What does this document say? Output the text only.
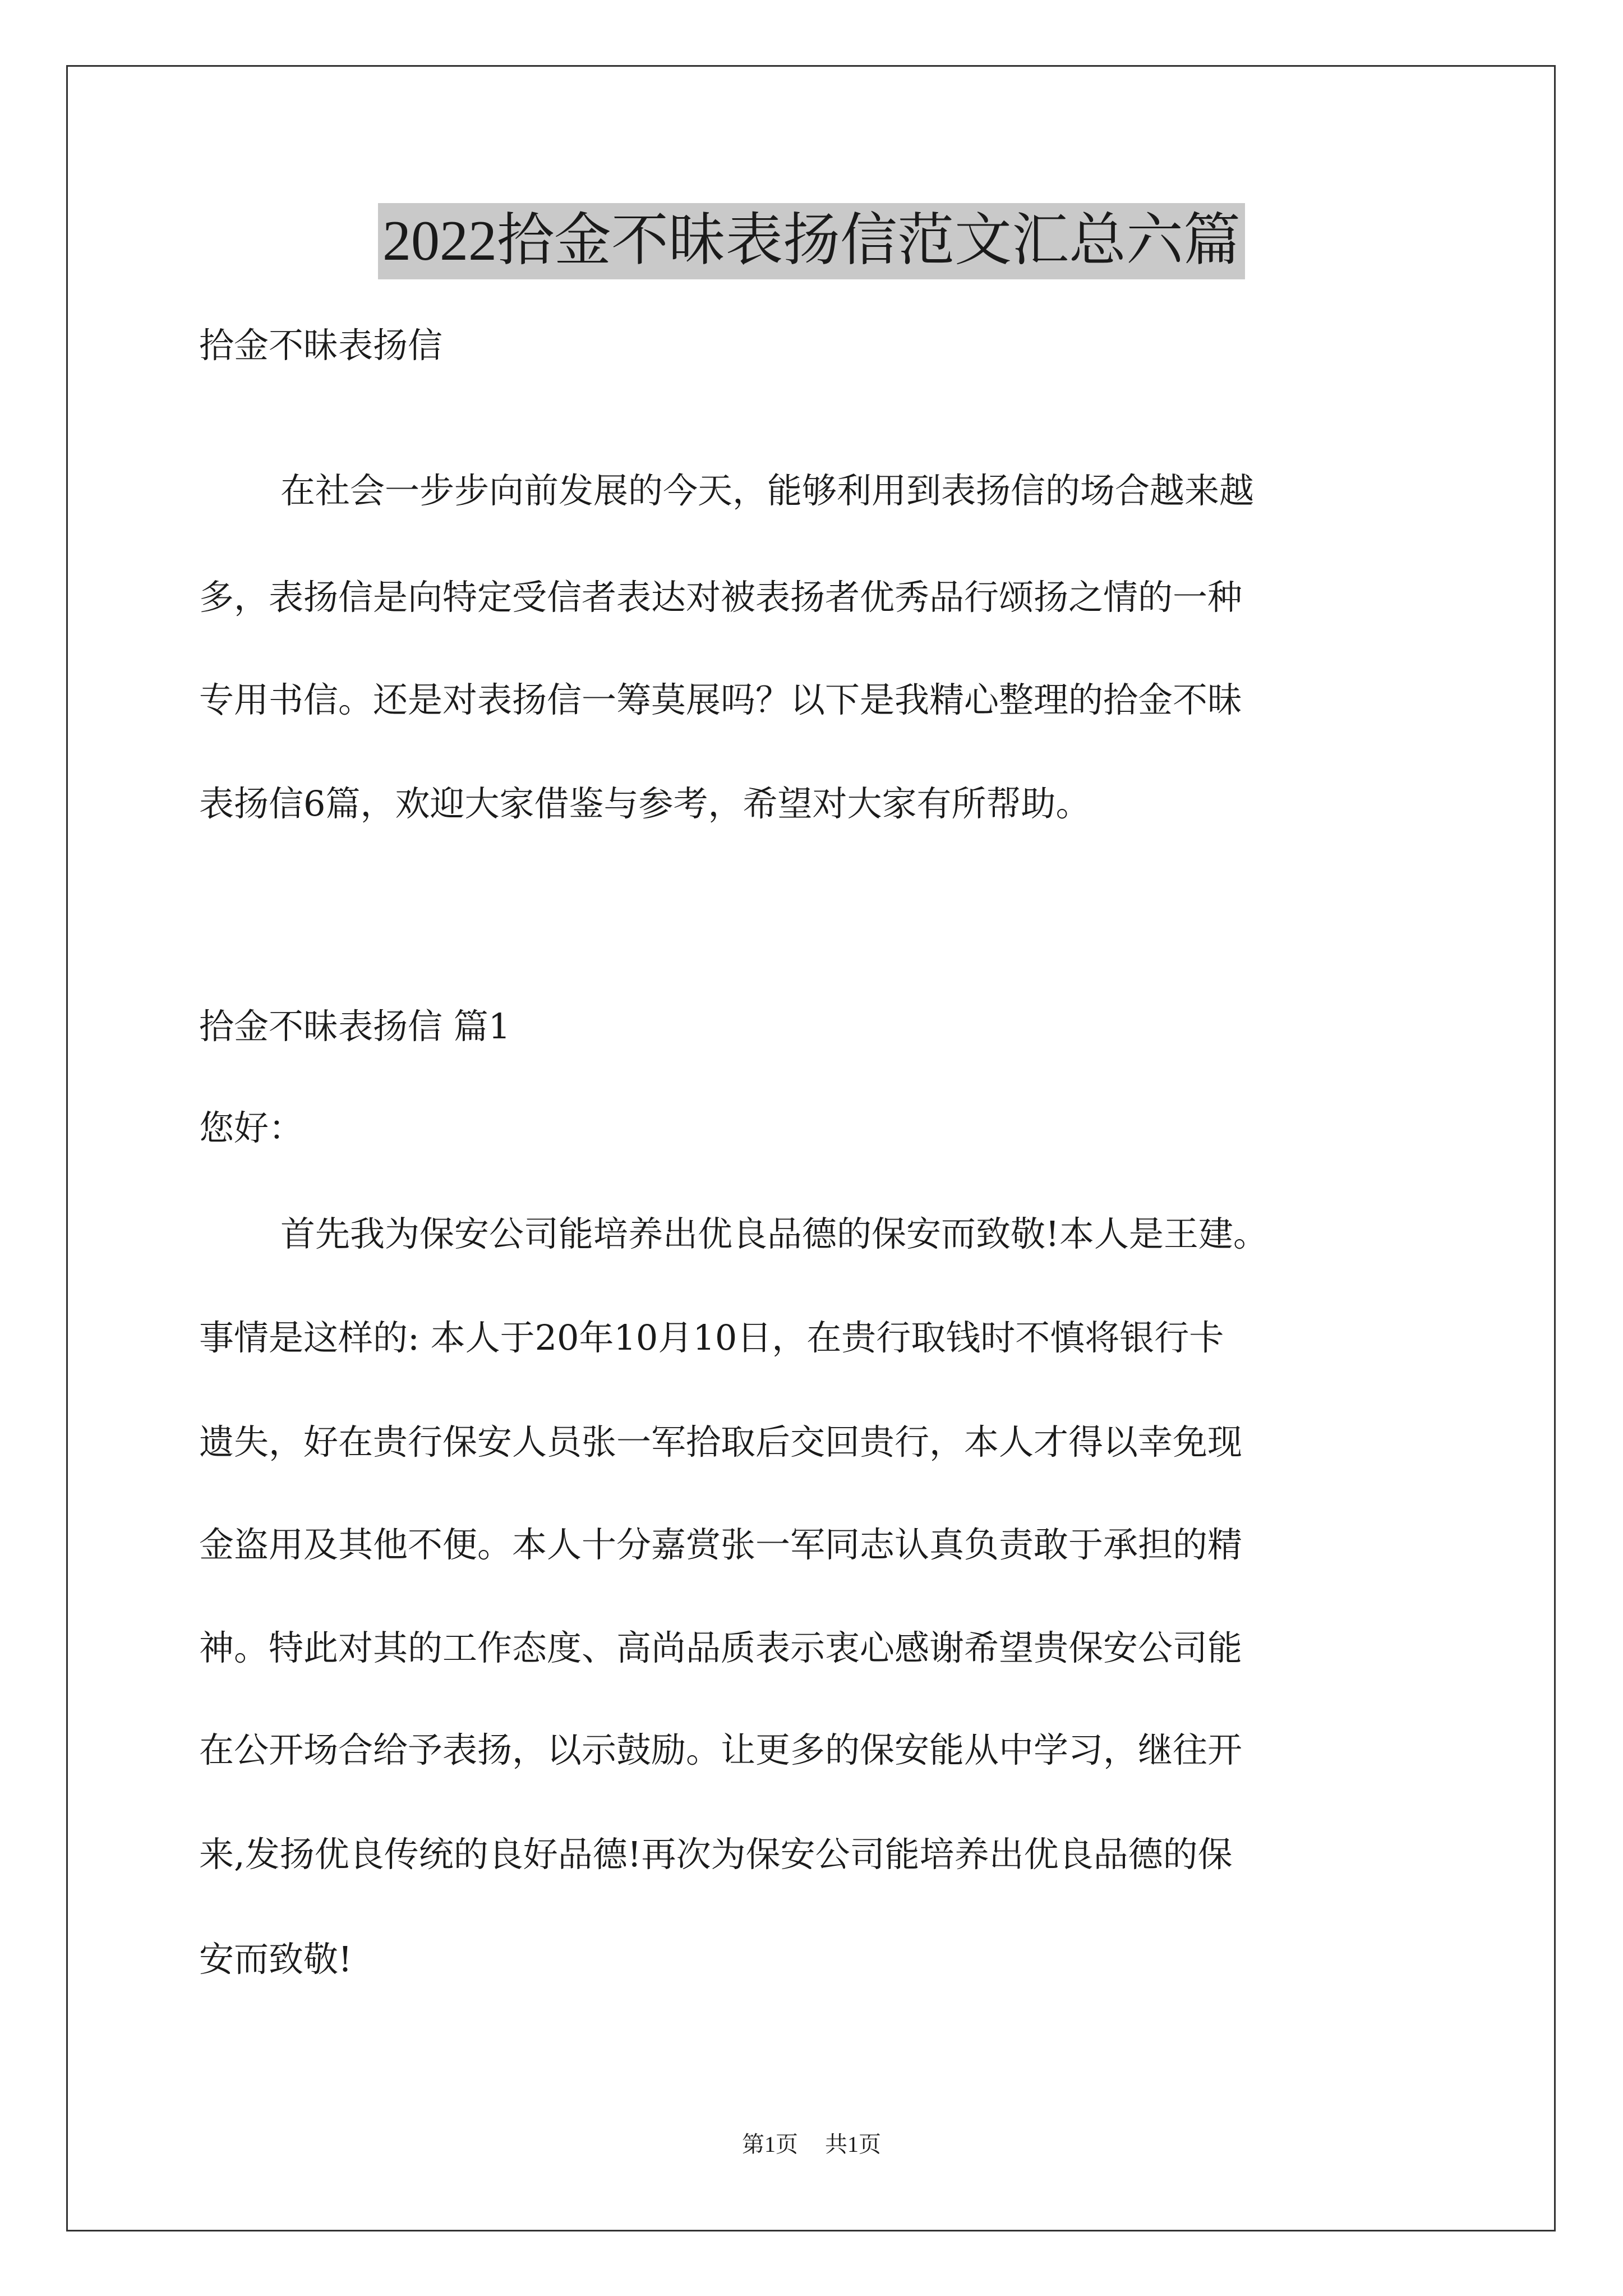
2022拾金不昧表扬信范文汇总六篇
拾金不昧表扬信
在社会一步步向前发展的今天，能够利用到表扬信的场合越来越
多，表扬信是向特定受信者表达对被表扬者优秀品行颂扬之情的一种
专用书信。还是对表扬信一筹莫展吗？以下是我精心整理的拾金不昧
表扬信6篇，欢迎大家借鉴与参考，希望对大家有所帮助。
拾金不昧表扬信 篇1
您好：
首先我为保安公司能培养出优良品德的保安而致敬!本人是王建。
事情是这样的: 本人于20年10月10日，在贵行取钱时不慎将银行卡
遗失，好在贵行保安人员张一军拾取后交回贵行，本人才得以幸免现
金盗用及其他不便。本人十分嘉赏张一军同志认真负责敢于承担的精
神。特此对其的工作态度、高尚品质表示衷心感谢希望贵保安公司能
在公开场合给予表扬，以示鼓励。让更多的保安能从中学习，继往开
来,发扬优良传统的良好品德!再次为保安公司能培养出优良品德的保
安而致敬!
第1页 共1页
